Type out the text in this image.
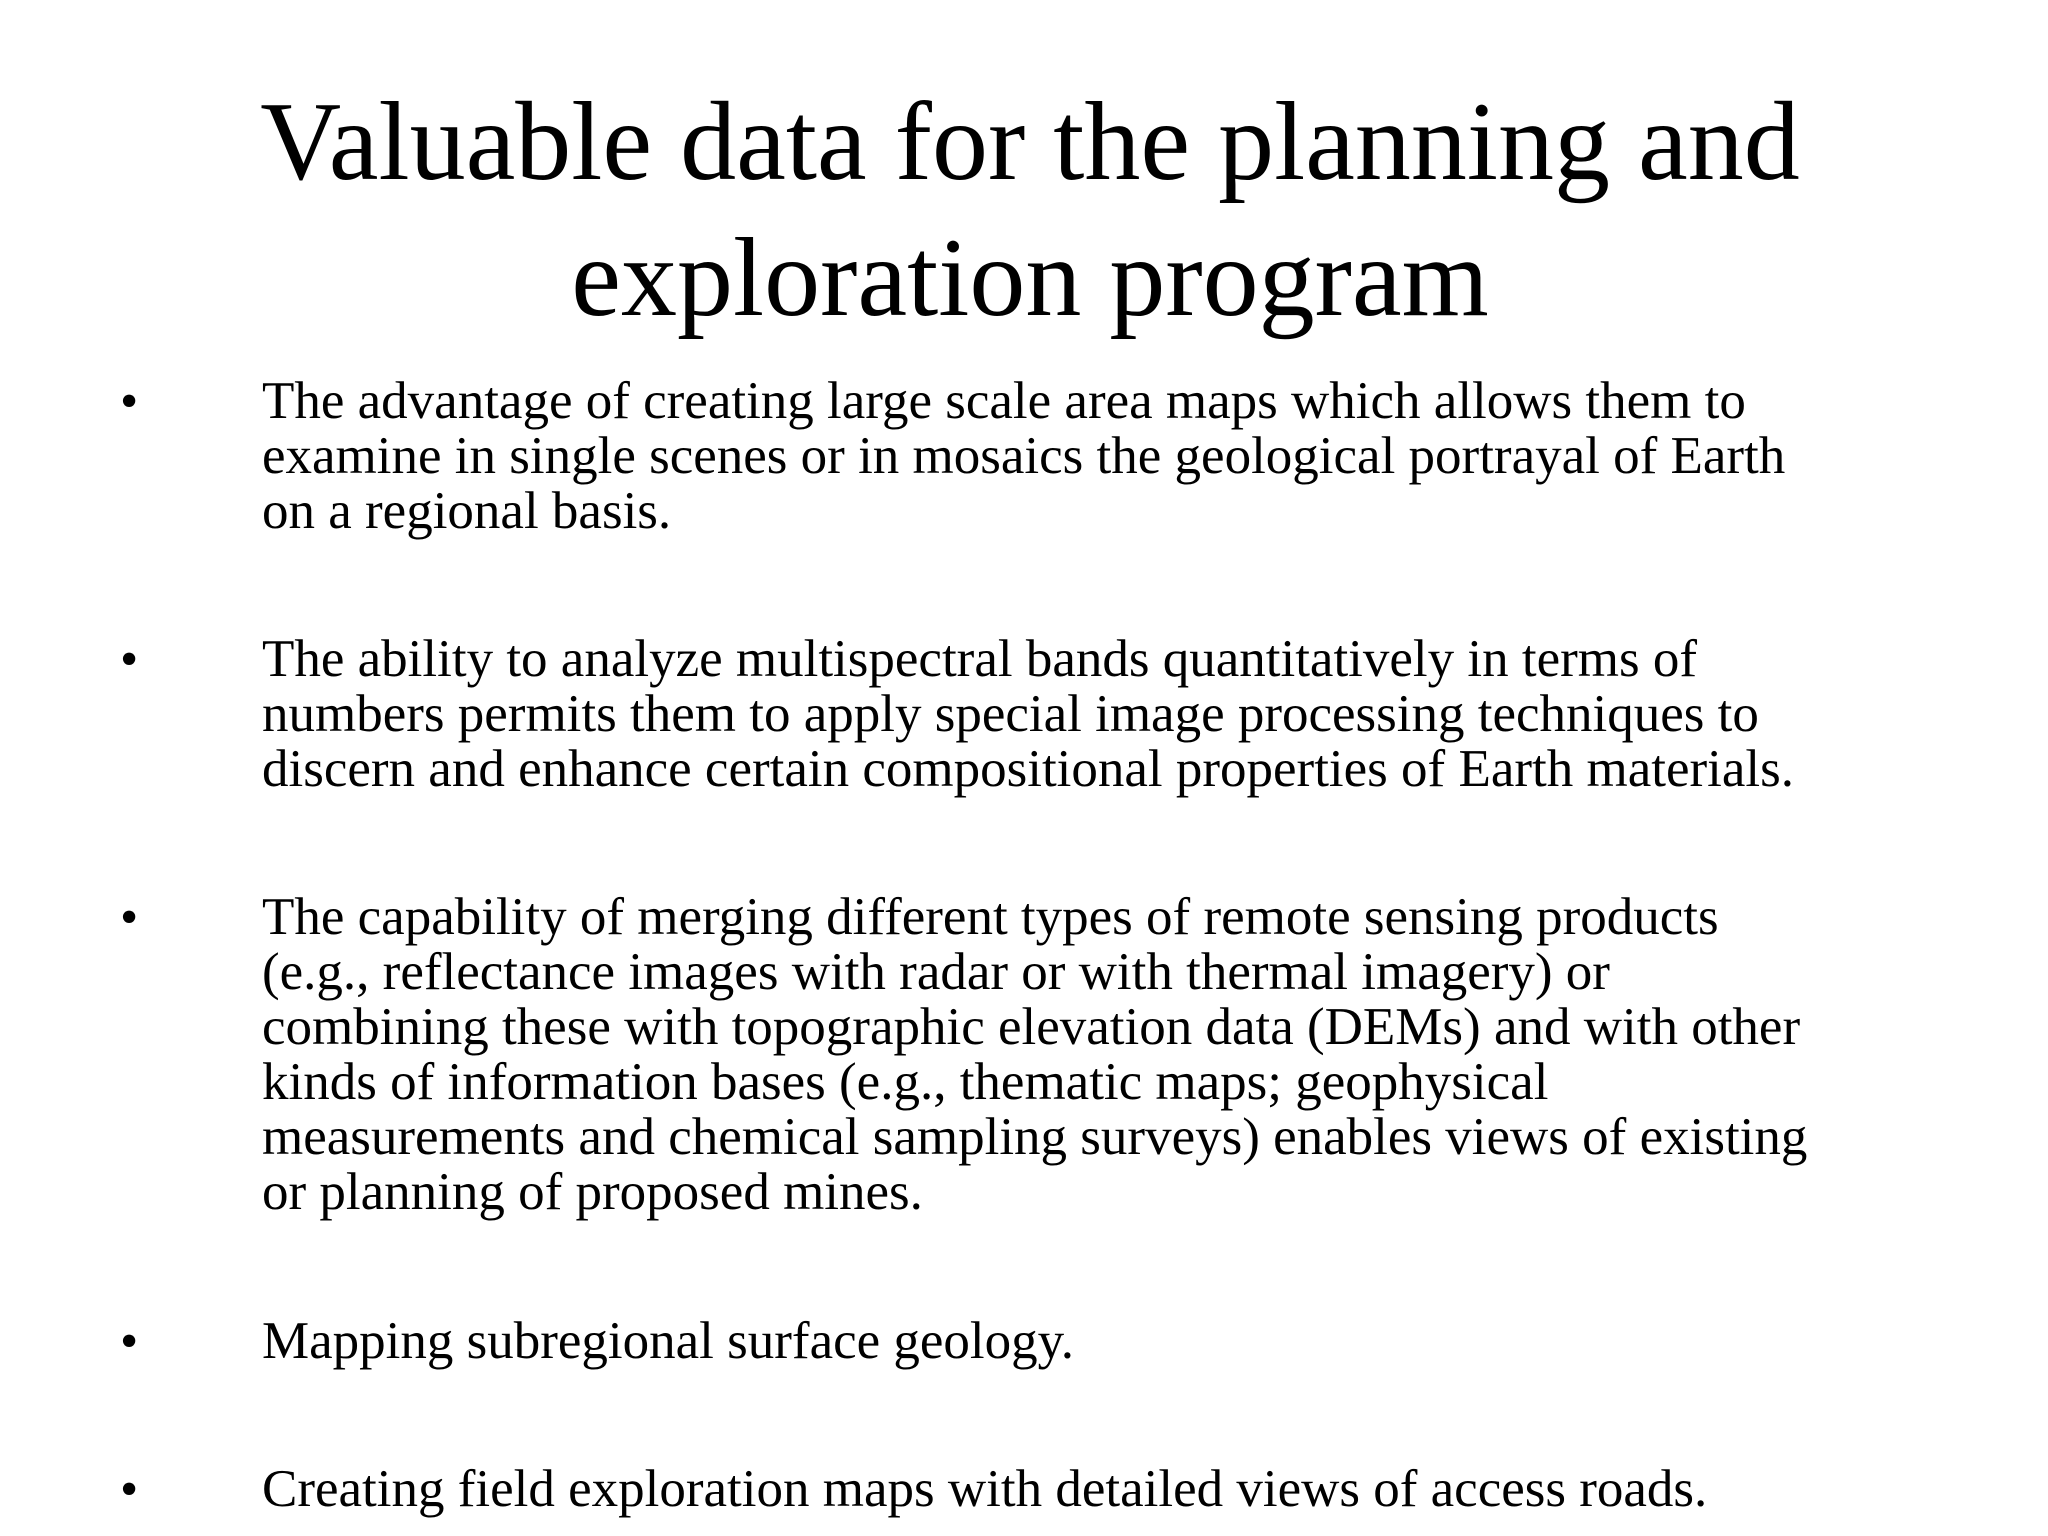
Valuable data for the planning and
exploration program
• The advantage of creating large scale area maps which allows them to
examine in single scenes or in mosaics the geological portrayal of Earth
on a regional basis.
• The ability to analyze multispectral bands quantitatively in terms of
numbers permits them to apply special image processing techniques to
discern and enhance certain compositional properties of Earth materials.
• The capability of merging different types of remote sensing products
(e.g., reflectance images with radar or with thermal imagery) or
combining these with topographic elevation data (DEMs) and with other
kinds of information bases (e.g., thematic maps; geophysical
measurements and chemical sampling surveys) enables views of existing
or planning of proposed mines.
• Mapping subregional surface geology.
• Creating field exploration maps with detailed views of access roads.
